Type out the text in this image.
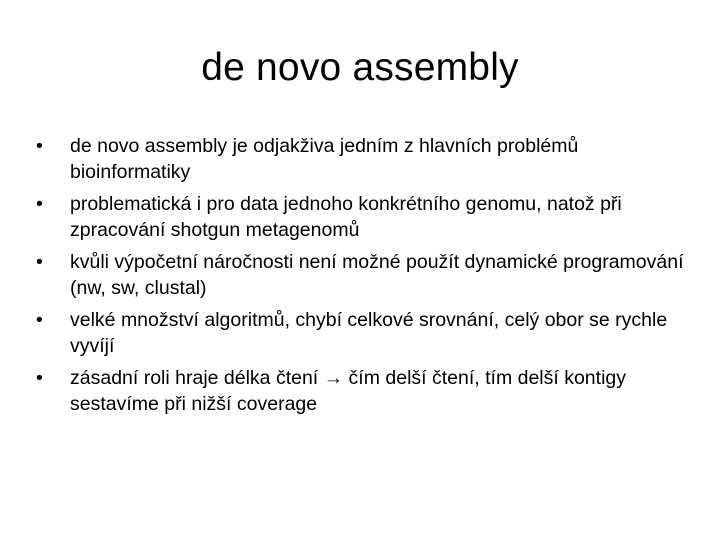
de novo assembly
•	de novo assembly je odjakživa jedním z hlavních problémů bioinformatiky
•	problematická i pro data jednoho konkrétního genomu, natož při zpracování shotgun metagenomů
•	kvůli výpočetní náročnosti není možné použít dynamické programování (nw, sw, clustal)
•	velké množství algoritmů, chybí celkové srovnání, celý obor se rychle vyvíjí
•	zásadní roli hraje délka čtení → čím delší čtení, tím delší kontigy sestavíme při nižší coverage
